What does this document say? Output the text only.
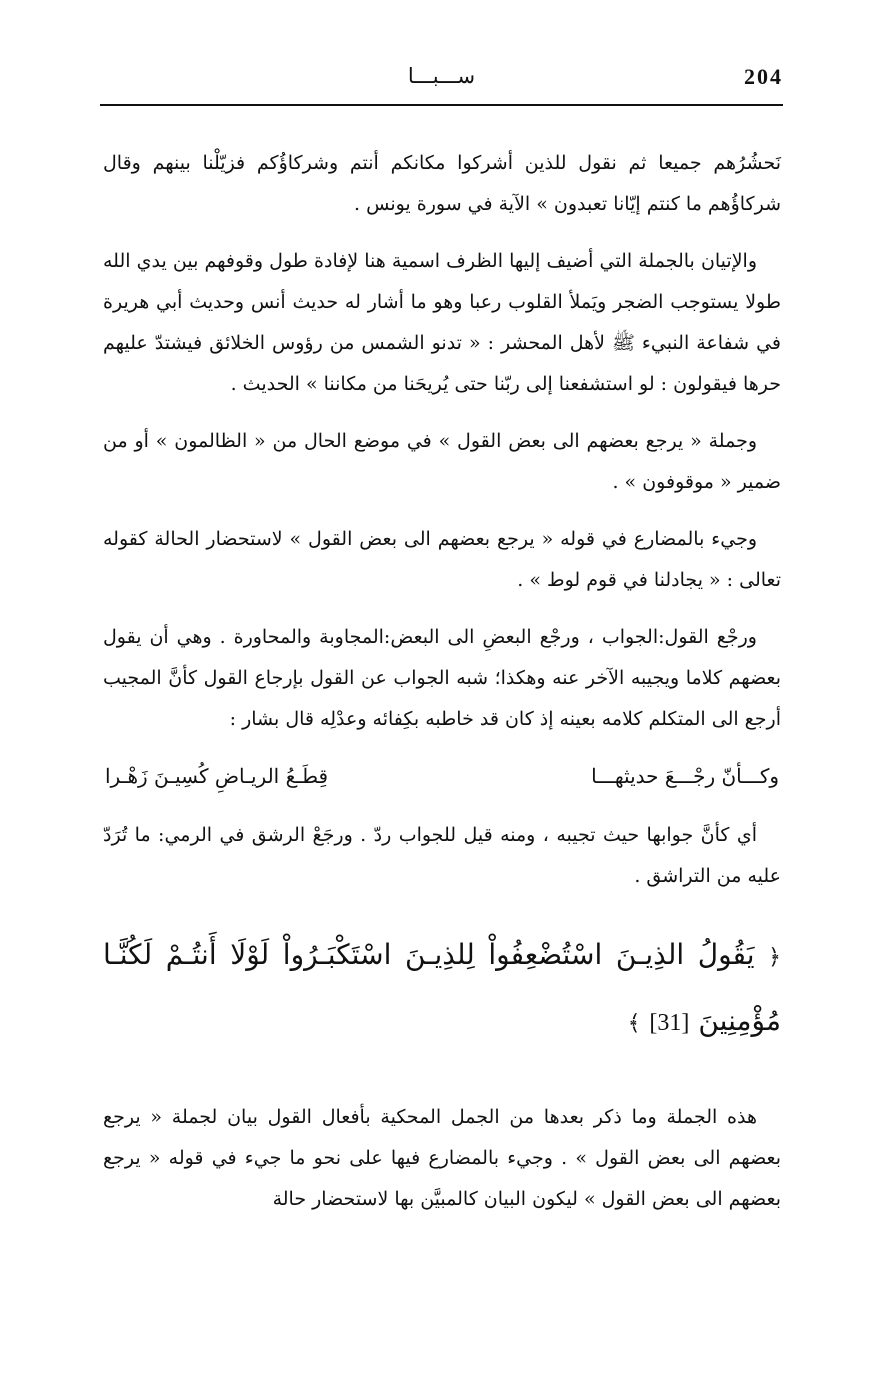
204
ســـبـــا

نَحشُرُهم جميعا ثم نقول للذين أشركوا مكانكم أنتم وشركاؤُكم فزيّلْنا بينهم وقال شركاؤُهم ما كنتم إيّانا تعبدون » الآية في سورة يونس .

والإتيان بالجملة التي أضيف إليها الظرف اسمية هنا لإفادة طول وقوفهم بين يدي الله طولا يستوجب الضجر ويَملأ القلوب رعبا وهو ما أشار له حديث أنس وحديث أبي هريرة في شفاعة النبيء ﷺ لأهل المحشر : « تدنو الشمس من رؤوس الخلائق فيشتدّ عليهم حرها فيقولون : لو استشفعنا إلى ربّنا حتى يُريحَنا من مكاننا » الحديث .

وجملة « يرجع بعضهم الى بعض القول » في موضع الحال من « الظالمون » أو من ضمير « موقوفون » .

وجيء بالمضارع في قوله « يرجع بعضهم الى بعض القول » لاستحضار الحالة كقوله تعالى : « يجادلنا في قوم لوط » .

ورجْع القول:الجواب ، ورجْع البعضِ الى البعض:المجاوبة والمحاورة . وهي أن يقول بعضهم كلاما ويجيبه الآخر عنه وهكذا؛ شبه الجواب عن القول بإرجاع القول كأنَّ المجيب أرجع الى المتكلم كلامه بعينه إذ كان قد خاطبه بكِفائه وعدْلِه قال بشار :

وكـــأنّ رجْـــعَ حديثهـــا
قِطَـعُ الريـاضِ كُسِيـنَ زَهْـرا

أي كأنَّ جوابها حيث تجيبه ، ومنه قيل للجواب ردّ . ورجَعْ الرشق في الرمي: ما تُرَدّ عليه من التراشق .

﴿ يَقُولُ الذِيـنَ اسْتُضْعِفُواْ لِلذِيـنَ اسْتَكْبَـرُواْ لَوْلَا أَنتُـمْ لَكُنَّـا مُؤْمِنِينَ [31] ﴾

هذه الجملة وما ذكر بعدها من الجمل المحكية بأفعال القول بيان لجملة « يرجع بعضهم الى بعض القول » . وجيء بالمضارع فيها على نحو ما جيء في قوله « يرجع بعضهم الى بعض القول » ليكون البيان كالمبيَّن بها لاستحضار حالة
